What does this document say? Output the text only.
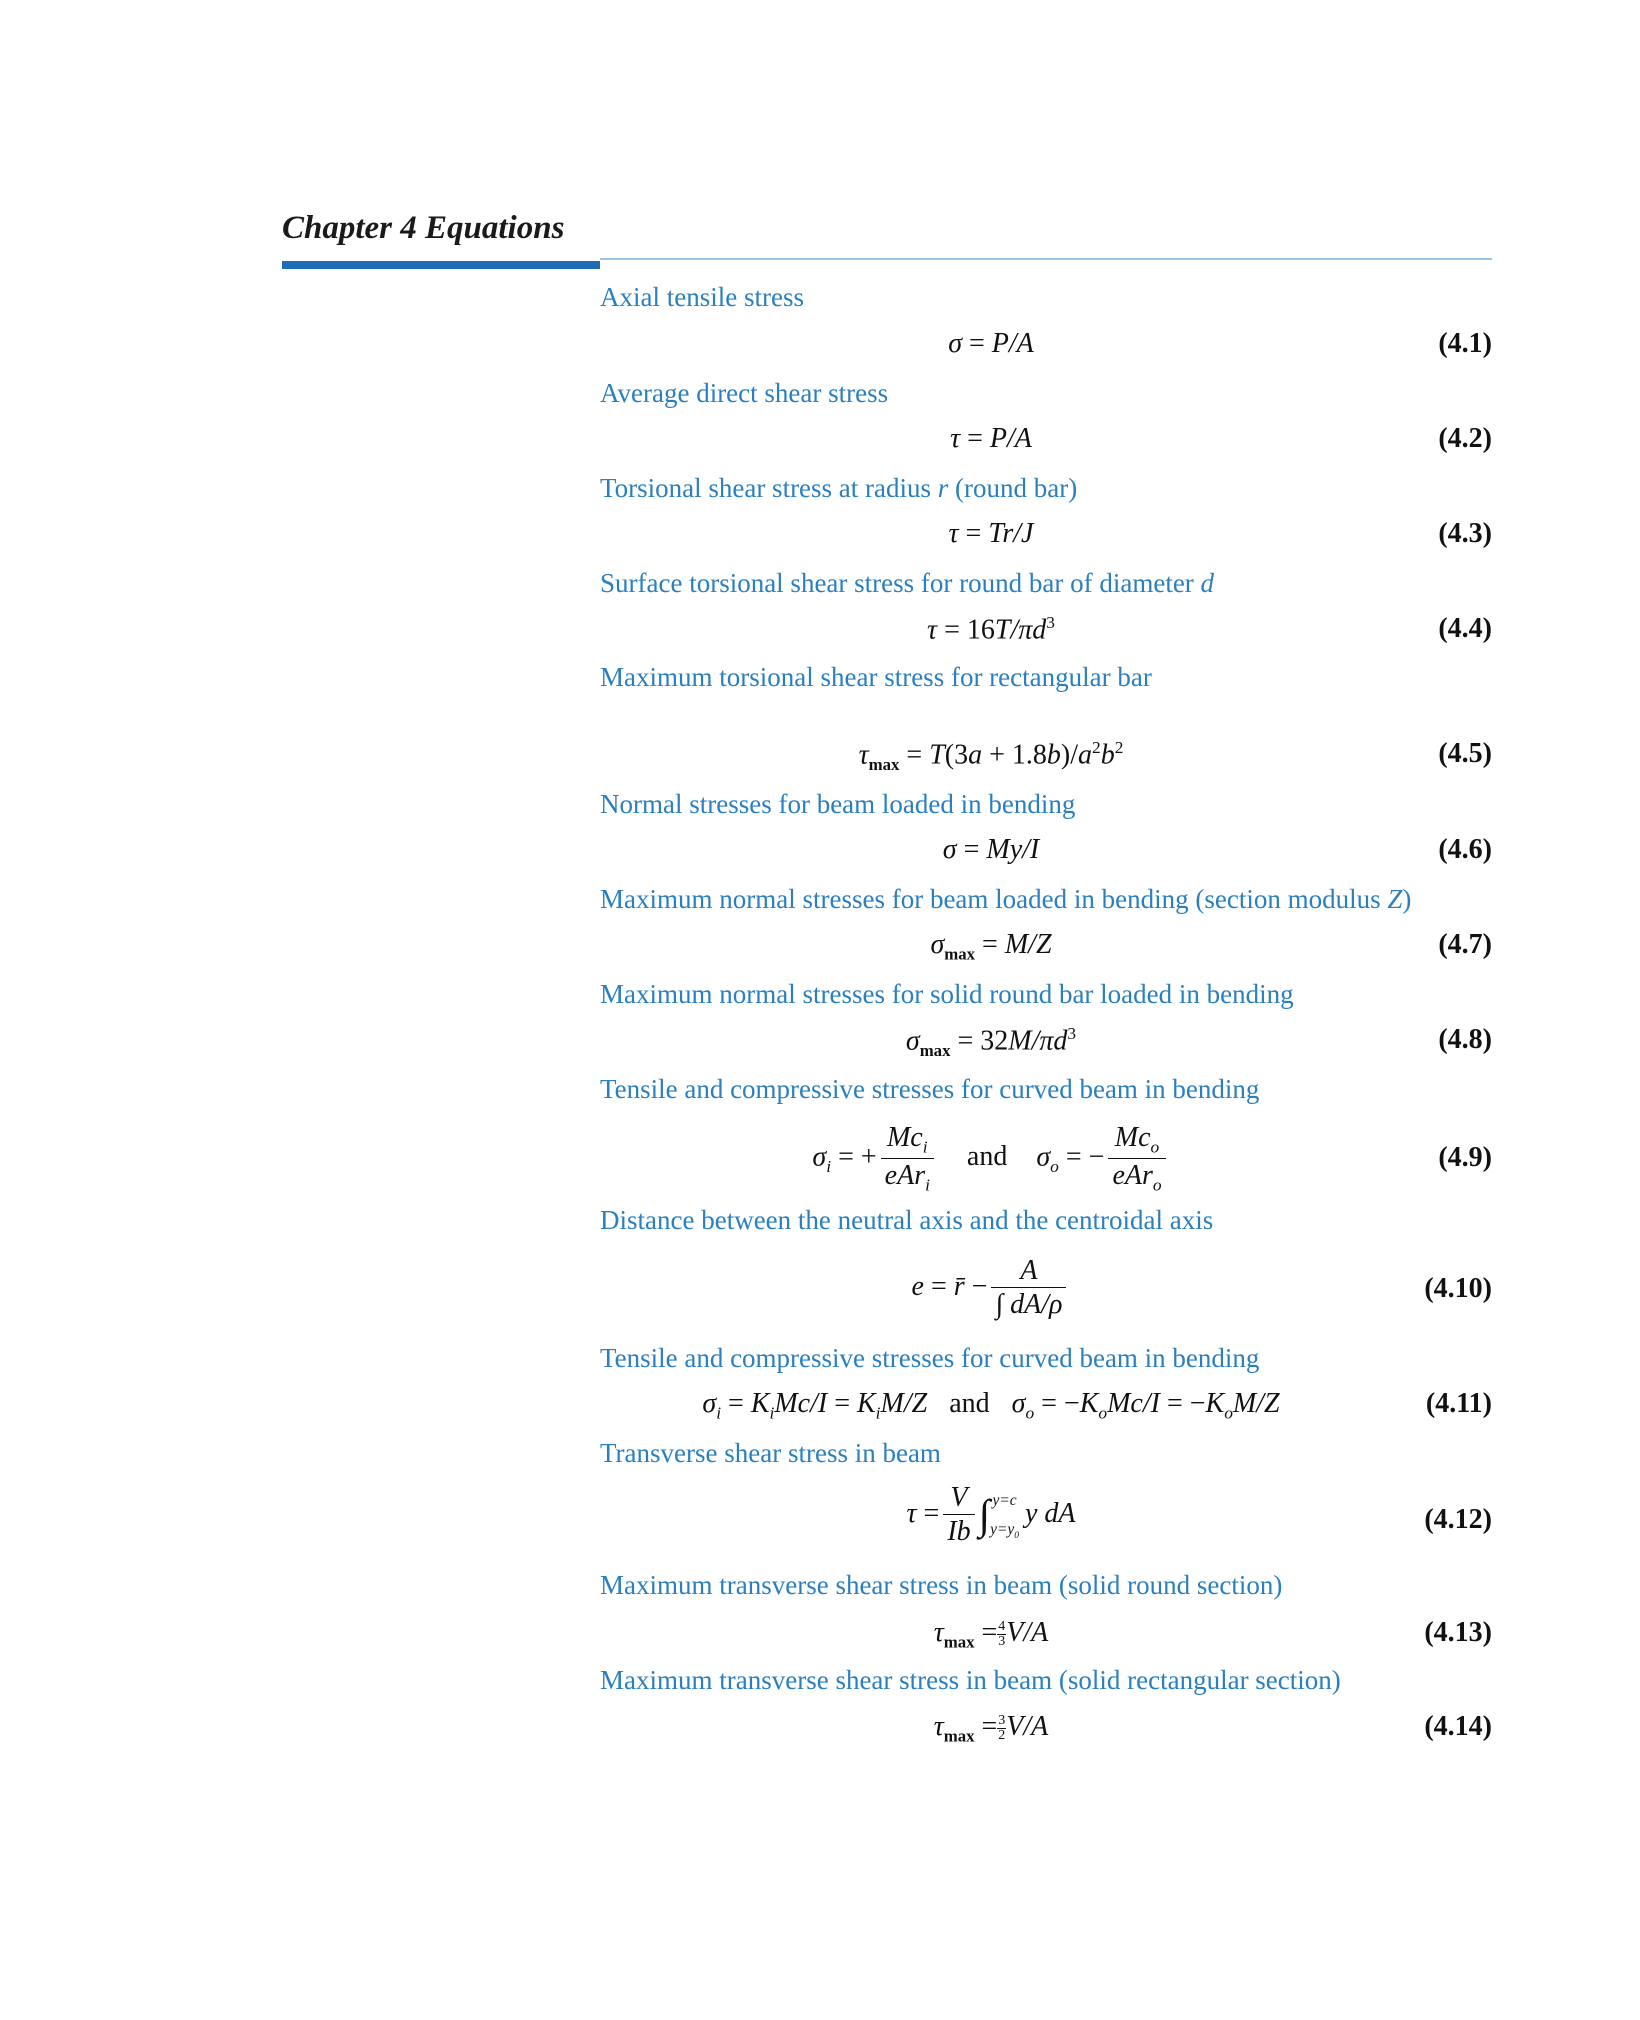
Chapter 4 Equations
Axial tensile stress
σ = P/A	(4.1)
Average direct shear stress
τ = P/A	(4.2)
Torsional shear stress at radius r (round bar)
τ = Tr/J	(4.3)
Surface torsional shear stress for round bar of diameter d
$\tau = 16T/\pi d^3$	(4.4)
Maximum torsional shear stress for rectangular bar
$\tau_{max} = T(3a + 1.8b)/a^2b^2$	(4.5)
Normal stresses for beam loaded in bending
σ = My/I	(4.6)
Maximum normal stresses for beam loaded in bending (section modulus Z)
$\sigma_{max} = M/Z$	(4.7)
Maximum normal stresses for solid round bar loaded in bending
$\sigma_{max} = 32M/\pi d^3$	(4.8)
Tensile and compressive stresses for curved beam in bending
$\sigma_i$ = + $\frac{Mc_i}{eAr_i}$ and $\sigma_o$ = − $\frac{Mc_o}{eAr_o}$	(4.9)
Distance between the neutral axis and the centroidal axis
e = r̄ − $\frac{A}{\int dA/\rho}$	(4.10)
Tensile and compressive stresses for curved beam in bending
$\sigma_i = K_iMc/I = K_iM/Z$ and $\sigma_o = -K_oMc/I = -K_oM/Z$	(4.11)
Transverse shear stress in beam
$\tau = \frac{V}{Ib}$ ∫ y=c
$y=y_0$
y dA	(4.12)
Maximum transverse shear stress in beam (solid round section)
$\tau_{max} = \frac{4}{3} V/A$	(4.13)
Maximum transverse shear stress in beam (solid rectangular section)
$\tau_{max} = \frac{3}{2} V/A$	(4.14)
